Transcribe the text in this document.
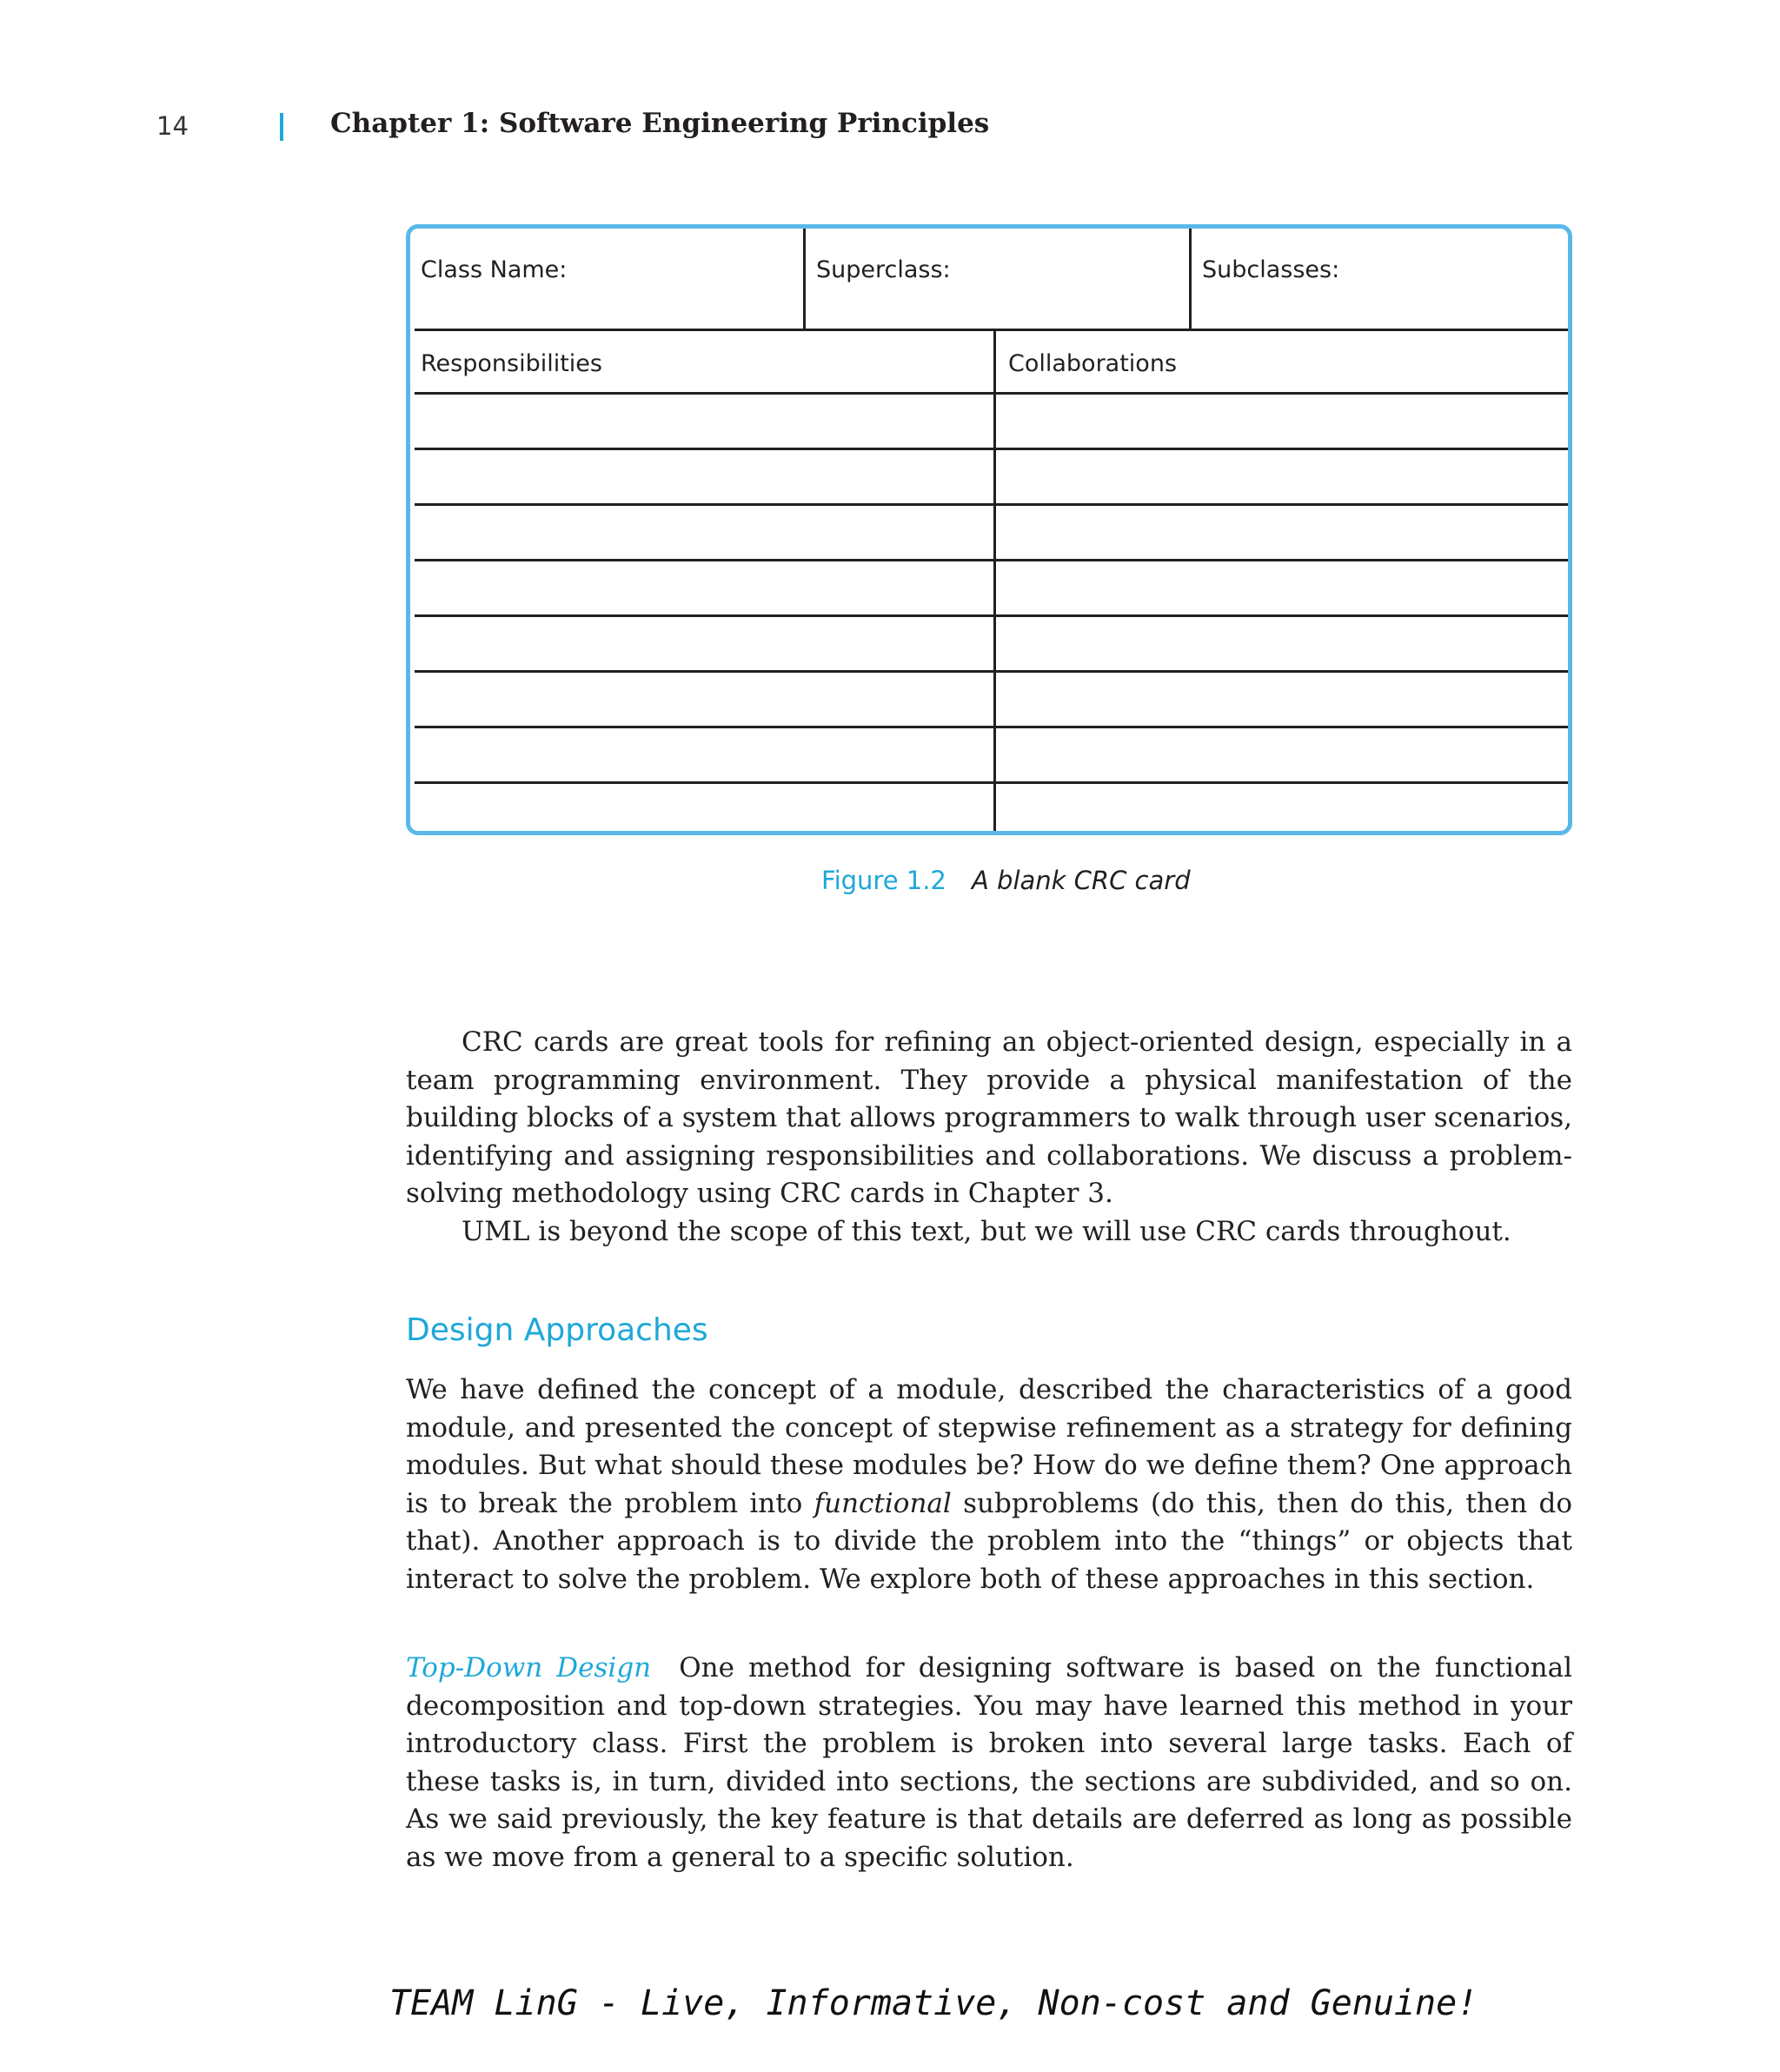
14	Chapter 1: Software Engineering Principles
Class Name:	Superclass:	Subclasses:
Responsibilities	Collaborations
Figure 1.2 A blank CRC card

CRC cards are great tools for refining an object-oriented design, especially in a team programming environment. They provide a physical manifestation of the building blocks of a system that allows programmers to walk through user scenarios, identifying and assigning responsibilities and collaborations. We discuss a problem-solving methodology using CRC cards in Chapter 3.

UML is beyond the scope of this text, but we will use CRC cards throughout.

Design Approaches

We have defined the concept of a module, described the characteristics of a good module, and presented the concept of stepwise refinement as a strategy for defining modules. But what should these modules be? How do we define them? One approach is to break the problem into functional subproblems (do this, then do this, then do that). Another approach is to divide the problem into the “things” or objects that interact to solve the problem. We explore both of these approaches in this section.

Top-Down Design One method for designing software is based on the functional decomposition and top-down strategies. You may have learned this method in your introductory class. First the problem is broken into several large tasks. Each of these tasks is, in turn, divided into sections, the sections are subdivided, and so on. As we said previously, the key feature is that details are deferred as long as possible as we move from a general to a specific solution.

TEAM LinG - Live, Informative, Non-cost and Genuine!
